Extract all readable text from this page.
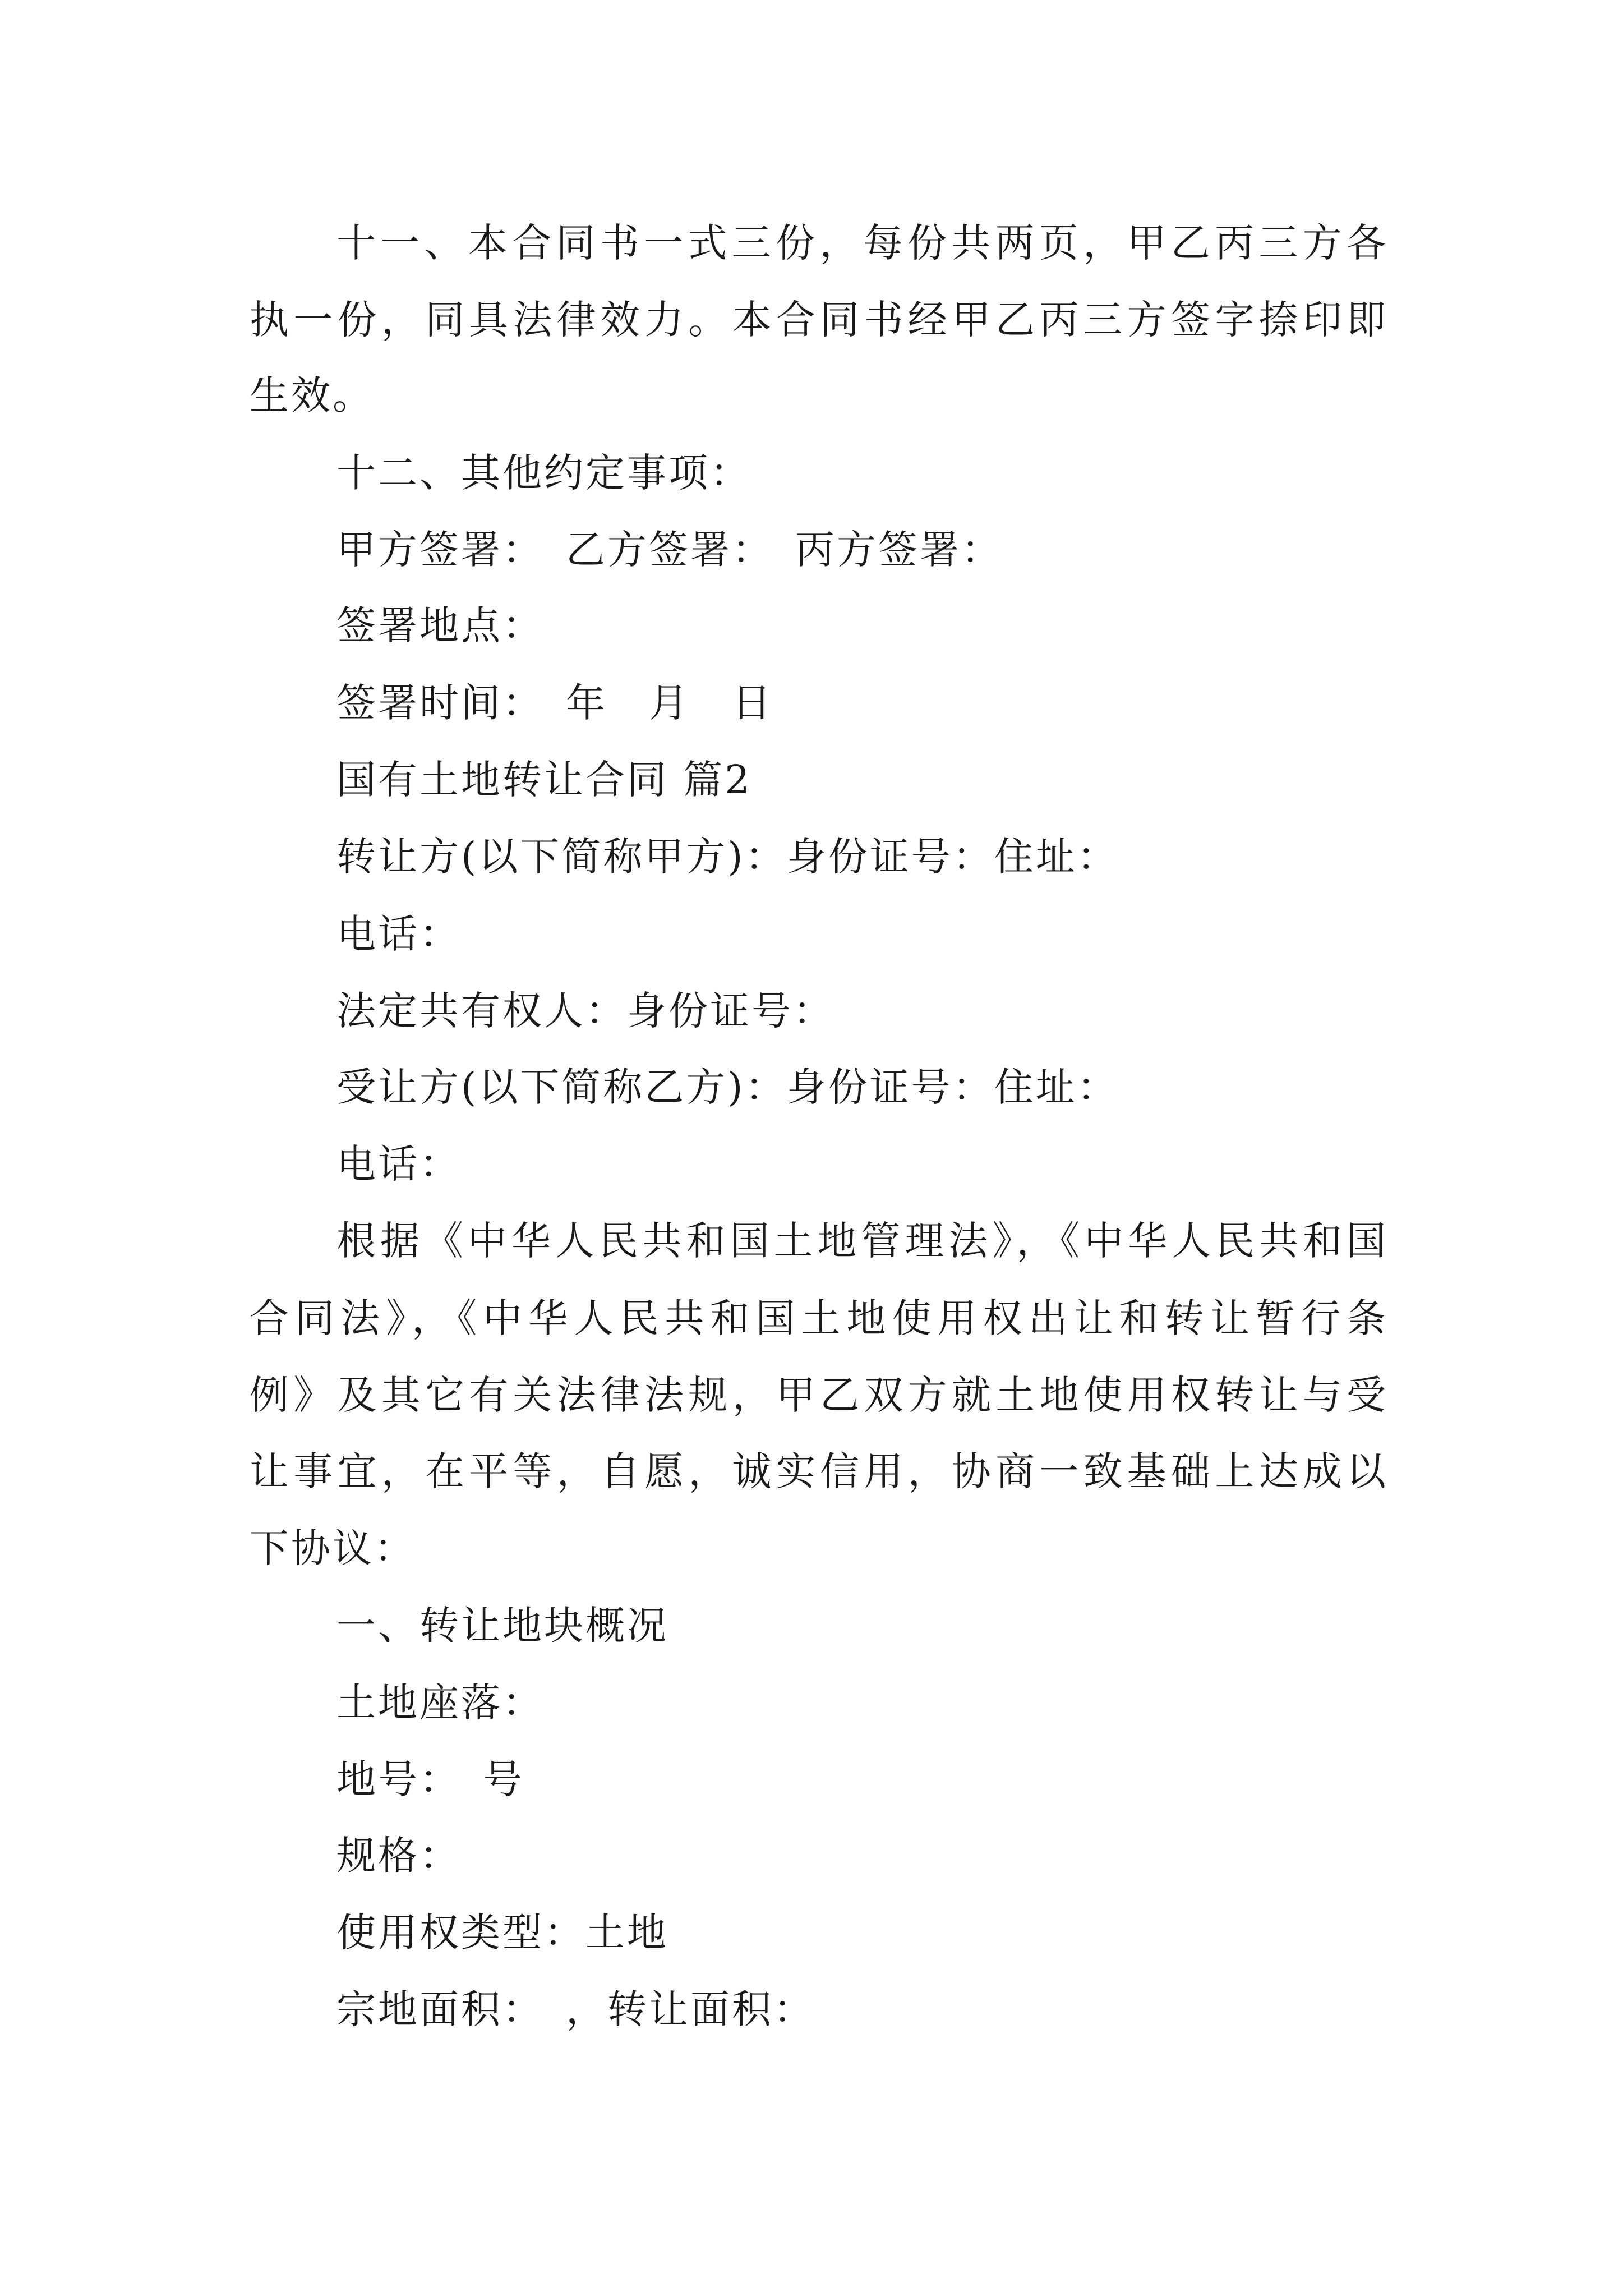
十一、本合同书一式三份，每份共两页，甲乙丙三方各
执一份，同具法律效力。本合同书经甲乙丙三方签字捺印即
生效。
十二、其他约定事项：
甲方签署：　乙方签署：　丙方签署：
签署地点：
签署时间：　年　月　日
国有土地转让合同 篇2
转让方(以下简称甲方)：身份证号：住址：
电话：
法定共有权人：身份证号：
受让方(以下简称乙方)：身份证号：住址：
电话：
根据《中华人民共和国土地管理法》，《中华人民共和国
合同法》，《中华人民共和国土地使用权出让和转让暂行条
例》及其它有关法律法规，甲乙双方就土地使用权转让与受
让事宜，在平等，自愿，诚实信用，协商一致基础上达成以
下协议：
一、转让地块概况
土地座落：
地号：　号
规格：
使用权类型：土地
宗地面积：　，转让面积：
